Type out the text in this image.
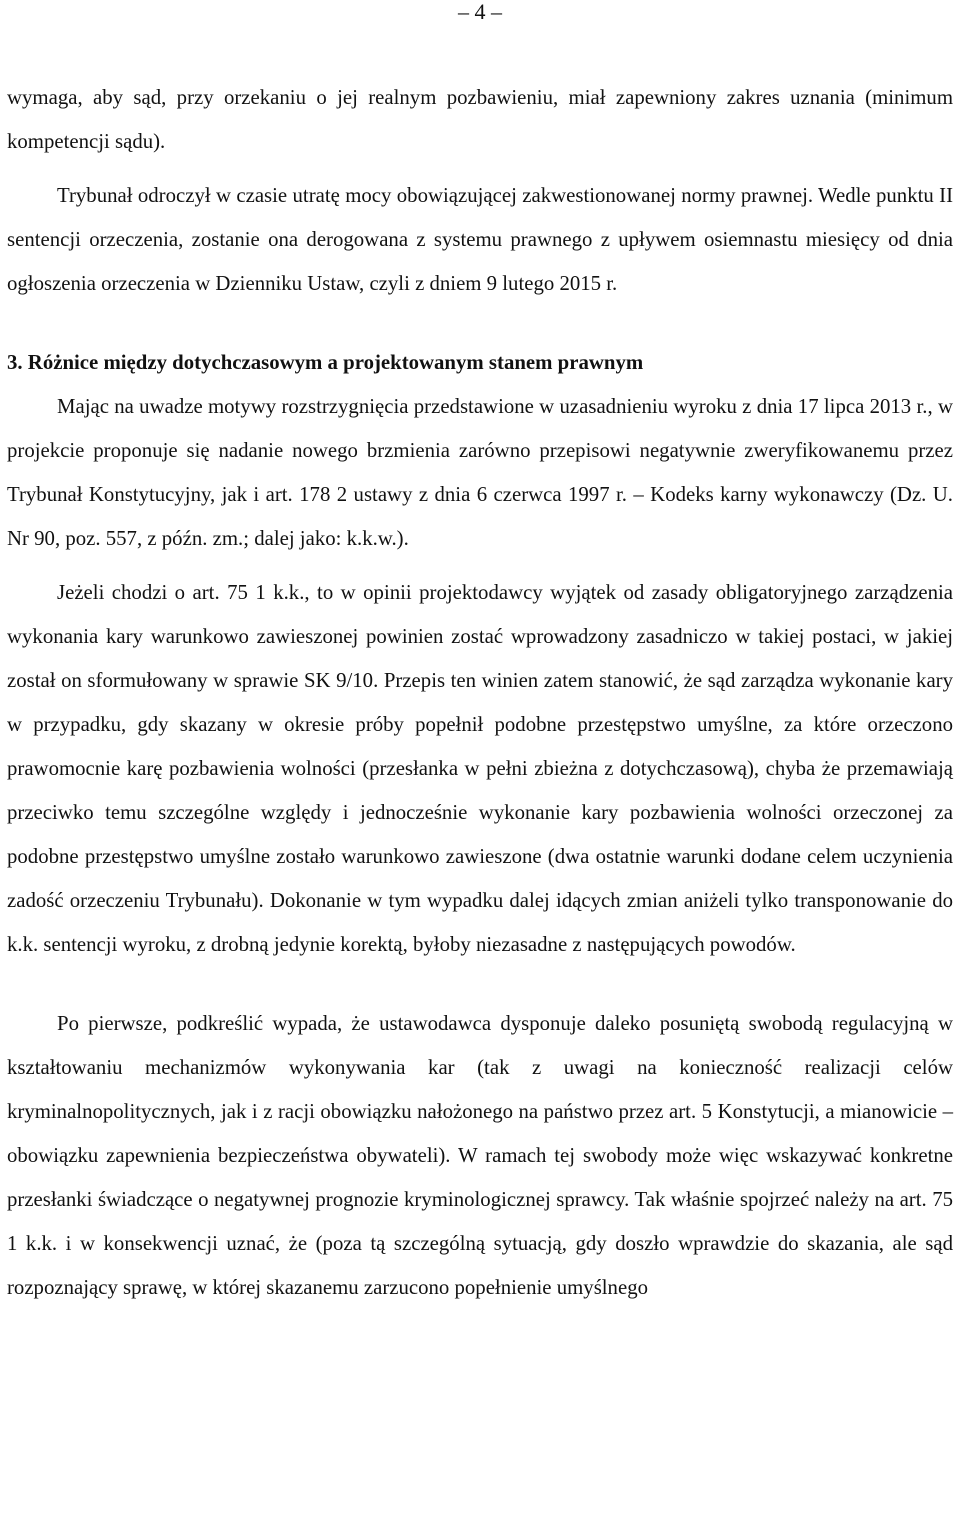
– 4 –

wymaga, aby sąd, przy orzekaniu o jej realnym pozbawieniu, miał zapewniony zakres uznania (minimum kompetencji sądu).

Trybunał odroczył w czasie utratę mocy obowiązującej zakwestionowanej normy prawnej. Wedle punktu II sentencji orzeczenia, zostanie ona derogowana z systemu prawnego z upływem osiemnastu miesięcy od dnia ogłoszenia orzeczenia w Dzienniku Ustaw, czyli z dniem 9 lutego 2015 r.

3. Różnice między dotychczasowym a projektowanym stanem prawnym

Mając na uwadze motywy rozstrzygnięcia przedstawione w uzasadnieniu wyroku z dnia 17 lipca 2013 r., w projekcie proponuje się nadanie nowego brzmienia zarówno przepisowi negatywnie zweryfikowanemu przez Trybunał Konstytucyjny, jak i art. 178 2 ustawy z dnia 6 czerwca 1997 r. – Kodeks karny wykonawczy (Dz. U. Nr 90, poz. 557, z późn. zm.; dalej jako: k.k.w.).

Jeżeli chodzi o art. 75 1 k.k., to w opinii projektodawcy wyjątek od zasady obligatoryjnego zarządzenia wykonania kary warunkowo zawieszonej powinien zostać wprowadzony zasadniczo w takiej postaci, w jakiej został on sformułowany w sprawie SK 9/10. Przepis ten winien zatem stanowić, że sąd zarządza wykonanie kary w przypadku, gdy skazany w okresie próby popełnił podobne przestępstwo umyślne, za które orzeczono prawomocnie karę pozbawienia wolności (przesłanka w pełni zbieżna z dotychczasową), chyba że przemawiają przeciwko temu szczególne względy i jednocześnie wykonanie kary pozbawienia wolności orzeczonej za podobne przestępstwo umyślne zostało warunkowo zawieszone (dwa ostatnie warunki dodane celem uczynienia zadość orzeczeniu Trybunału). Dokonanie w tym wypadku dalej idących zmian aniżeli tylko transponowanie do k.k. sentencji wyroku, z drobną jedynie korektą, byłoby niezasadne z następujących powodów.

Po pierwsze, podkreślić wypada, że ustawodawca dysponuje daleko posuniętą swobodą regulacyjną w kształtowaniu mechanizmów wykonywania kar (tak z uwagi na konieczność realizacji celów kryminalnopolitycznych, jak i z racji obowiązku nałożonego na państwo przez art. 5 Konstytucji, a mianowicie – obowiązku zapewnienia bezpieczeństwa obywateli). W ramach tej swobody może więc wskazywać konkretne przesłanki świadczące o negatywnej prognozie kryminologicznej sprawcy. Tak właśnie spojrzeć należy na art. 75 1 k.k. i w konsekwencji uznać, że (poza tą szczególną sytuacją, gdy doszło wprawdzie do skazania, ale sąd rozpoznający sprawę, w której skazanemu zarzucono popełnienie umyślnego
